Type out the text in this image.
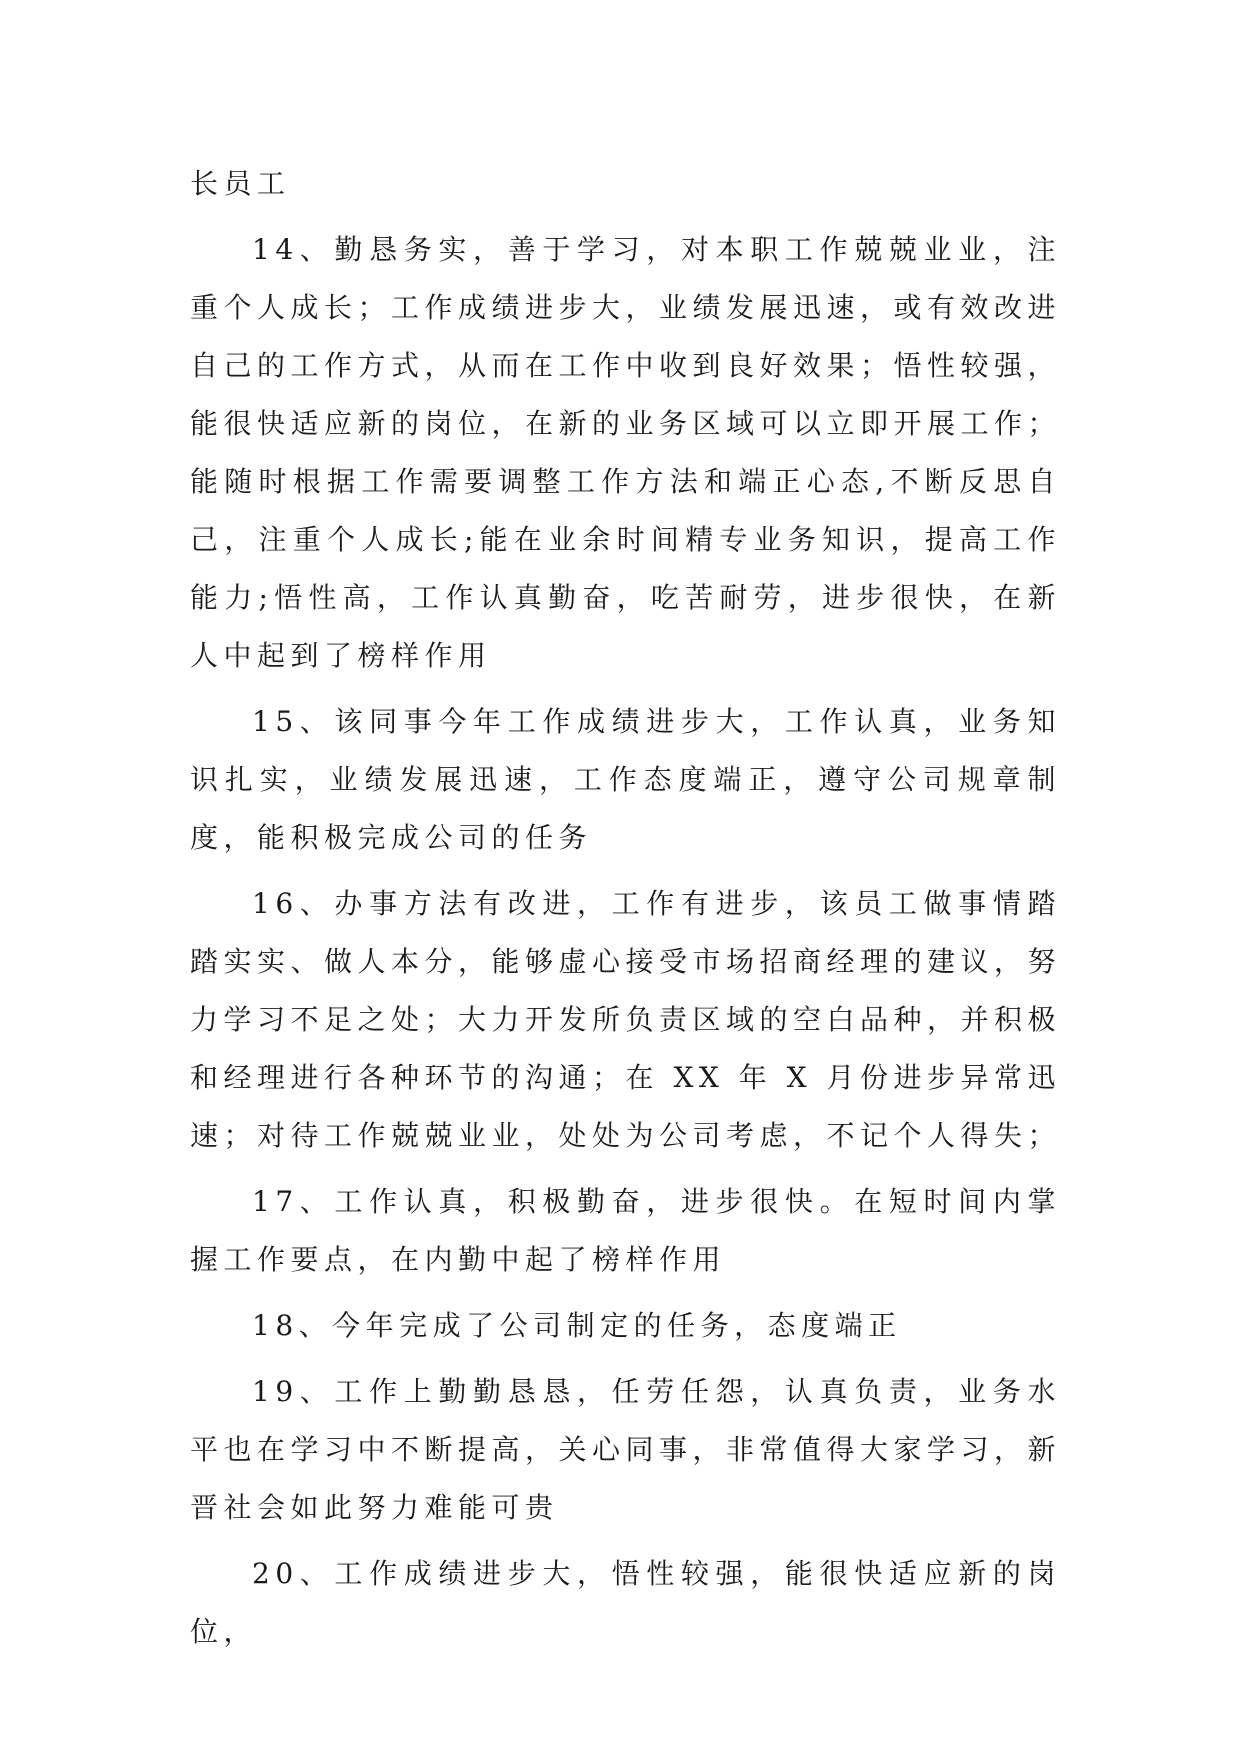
长员工

14、勤恳务实，善于学习，对本职工作兢兢业业，注重个人成长；工作成绩进步大，业绩发展迅速，或有效改进自己的工作方式，从而在工作中收到良好效果；悟性较强，能很快适应新的岗位，在新的业务区域可以立即开展工作；能随时根据工作需要调整工作方法和端正心态,不断反思自己，注重个人成长;能在业余时间精专业务知识，提高工作能力;悟性高，工作认真勤奋，吃苦耐劳，进步很快，在新人中起到了榜样作用

15、该同事今年工作成绩进步大，工作认真，业务知识扎实，业绩发展迅速，工作态度端正，遵守公司规章制度，能积极完成公司的任务

16、办事方法有改进，工作有进步，该员工做事情踏踏实实、做人本分，能够虚心接受市场招商经理的建议，努力学习不足之处；大力开发所负责区域的空白品种，并积极和经理进行各种环节的沟通；在 XX 年 X 月份进步异常迅速；对待工作兢兢业业，处处为公司考虑，不记个人得失；

17、工作认真，积极勤奋，进步很快。在短时间内掌握工作要点，在内勤中起了榜样作用

18、今年完成了公司制定的任务，态度端正

19、工作上勤勤恳恳，任劳任怨，认真负责，业务水平也在学习中不断提高，关心同事，非常值得大家学习，新晋社会如此努力难能可贵

20、工作成绩进步大，悟性较强，能很快适应新的岗位，
